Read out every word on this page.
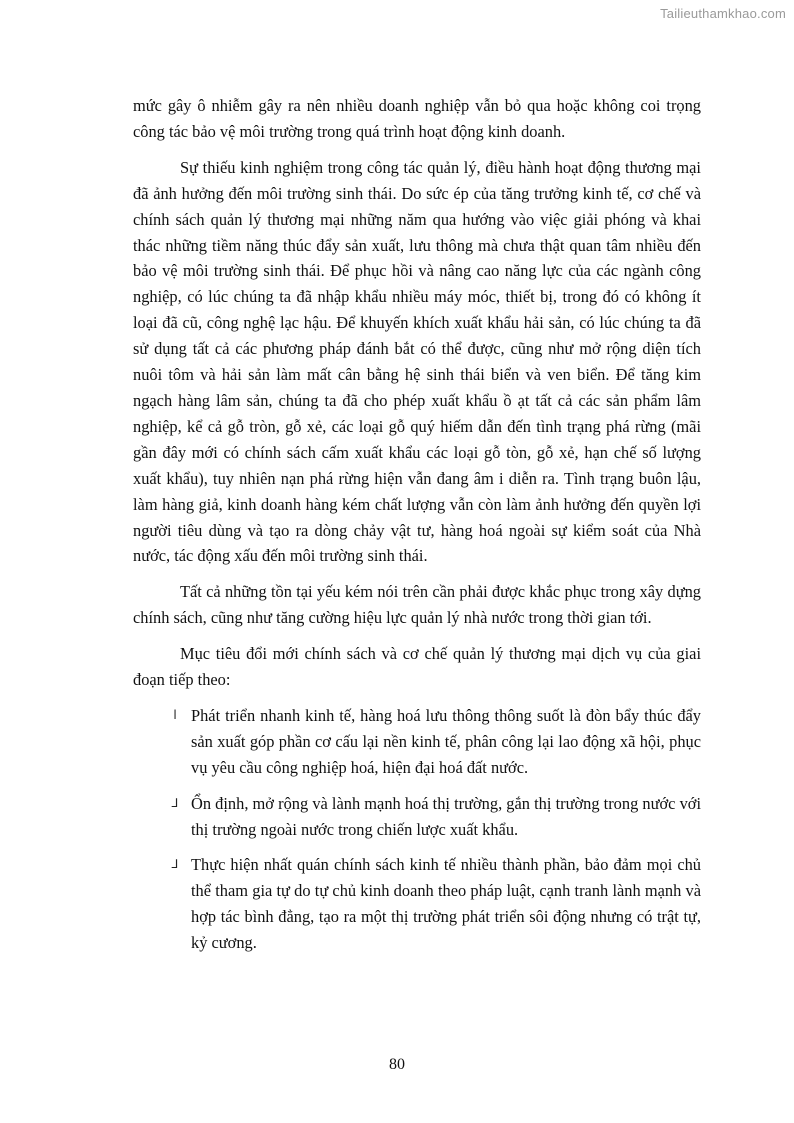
Tailieuthamkhao.com

mức gây ô nhiễm gây ra nên nhiều doanh nghiệp vẫn bỏ qua hoặc không coi trọng công tác bảo vệ môi trường trong quá trình hoạt động kinh doanh.

Sự thiếu kinh nghiệm trong công tác quản lý, điều hành hoạt động thương mại đã ảnh hưởng đến môi trường sinh thái. Do sức ép của tăng trưởng kinh tế, cơ chế và chính sách quản lý thương mại những năm qua hướng vào việc giải phóng và khai thác những tiềm năng thúc đẩy sản xuất, lưu thông mà chưa thật quan tâm nhiều đến bảo vệ môi trường sinh thái. Để phục hồi và nâng cao năng lực của các ngành công nghiệp, có lúc chúng ta đã nhập khẩu nhiều máy móc, thiết bị, trong đó có không ít loại đã cũ, công nghệ lạc hậu. Để khuyến khích xuất khẩu hải sản, có lúc chúng ta đã sử dụng tất cả các phương pháp đánh bắt có thể được, cũng như mở rộng diện tích nuôi tôm và hải sản làm mất cân bằng hệ sinh thái biển và ven biển. Để tăng kim ngạch hàng lâm sản, chúng ta đã cho phép xuất khẩu ồ ạt tất cả các sản phẩm lâm nghiệp, kể cả gỗ tròn, gỗ xẻ, các loại gỗ quý hiếm dẫn đến tình trạng phá rừng (mãi gần đây mới có chính sách cấm xuất khẩu các loại gỗ tòn, gỗ xẻ, hạn chế số lượng xuất khẩu), tuy nhiên nạn phá rừng hiện vẫn đang âm i diễn ra. Tình trạng buôn lậu, làm hàng giả, kinh doanh hàng kém chất lượng vẫn còn làm ảnh hưởng đến quyền lợi người tiêu dùng và tạo ra dòng chảy vật tư, hàng hoá ngoài sự kiểm soát của Nhà nước, tác động xấu đến môi trường sinh thái.

Tất cả những tồn tại yếu kém nói trên cần phải được khắc phục trong xây dựng chính sách, cũng như tăng cường hiệu lực quản lý nhà nước trong thời gian tới.

Mục tiêu đổi mới chính sách và cơ chế quản lý thương mại dịch vụ của giai đoạn tiếp theo:

l Phát triển nhanh kinh tế, hàng hoá lưu thông thông suốt là đòn bẩy thúc đẩy sản xuất góp phần cơ cấu lại nền kinh tế, phân công lại lao động xã hội, phục vụ yêu cầu công nghiệp hoá, hiện đại hoá đất nước.
⅃ Ổn định, mở rộng và lành mạnh hoá thị trường, gắn thị trường trong nước với thị trường ngoài nước trong chiến lược xuất khẩu.
⅃ Thực hiện nhất quán chính sách kinh tế nhiều thành phần, bảo đảm mọi chủ thể tham gia tự do tự chủ kinh doanh theo pháp luật, cạnh tranh lành mạnh và hợp tác bình đẳng, tạo ra một thị trường phát triển sôi động nhưng có trật tự, kỷ cương.
80
